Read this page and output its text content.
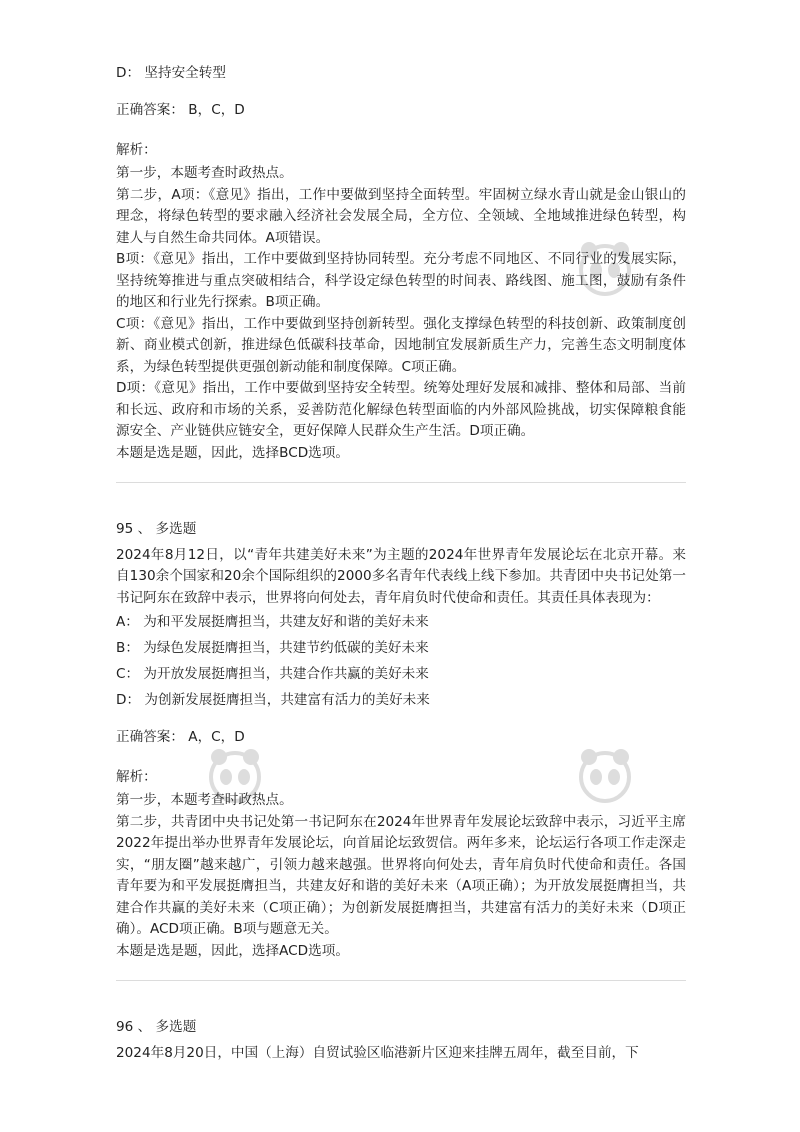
D： 坚持安全转型

正确答案： B，C，D

解析：

第一步，本题考查时政热点。

第二步，A项：《意见》指出，工作中要做到坚持全面转型。牢固树立绿水青山就是金山银山的理念，将绿色转型的要求融入经济社会发展全局，全方位、全领域、全地域推进绿色转型，构建人与自然生命共同体。A项错误。

B项：《意见》指出，工作中要做到坚持协同转型。充分考虑不同地区、不同行业的发展实际，坚持统筹推进与重点突破相结合，科学设定绿色转型的时间表、路线图、施工图，鼓励有条件的地区和行业先行探索。B项正确。

C项：《意见》指出，工作中要做到坚持创新转型。强化支撑绿色转型的科技创新、政策制度创新、商业模式创新，推进绿色低碳科技革命，因地制宜发展新质生产力，完善生态文明制度体系，为绿色转型提供更强创新动能和制度保障。C项正确。

D项：《意见》指出，工作中要做到坚持安全转型。统筹处理好发展和减排、整体和局部、当前和长远、政府和市场的关系，妥善防范化解绿色转型面临的内外部风险挑战，切实保障粮食能源安全、产业链供应链安全，更好保障人民群众生产生活。D项正确。

本题是选是题，因此，选择BCD选项。

95 、 多选题

2024年8月12日，以“青年共建美好未来”为主题的2024年世界青年发展论坛在北京开幕。来自130余个国家和20余个国际组织的2000多名青年代表线上线下参加。共青团中央书记处第一书记阿东在致辞中表示，世界将向何处去，青年肩负时代使命和责任。其责任具体表现为：

A： 为和平发展挺膺担当，共建友好和谐的美好未来

B： 为绿色发展挺膺担当，共建节约低碳的美好未来

C： 为开放发展挺膺担当，共建合作共赢的美好未来

D： 为创新发展挺膺担当，共建富有活力的美好未来

正确答案： A，C，D

解析：

第一步，本题考查时政热点。

第二步，共青团中央书记处第一书记阿东在2024年世界青年发展论坛致辞中表示，习近平主席2022年提出举办世界青年发展论坛，向首届论坛致贺信。两年多来，论坛运行各项工作走深走实，“朋友圈”越来越广，引领力越来越强。世界将向何处去，青年肩负时代使命和责任。各国青年要为和平发展挺膺担当，共建友好和谐的美好未来（A项正确）；为开放发展挺膺担当，共建合作共赢的美好未来（C项正确）；为创新发展挺膺担当，共建富有活力的美好未来（D项正确）。ACD项正确。B项与题意无关。

本题是选是题，因此，选择ACD选项。

96 、 多选题

2024年8月20日，中国（上海）自贸试验区临港新片区迎来挂牌五周年，截至目前，下
